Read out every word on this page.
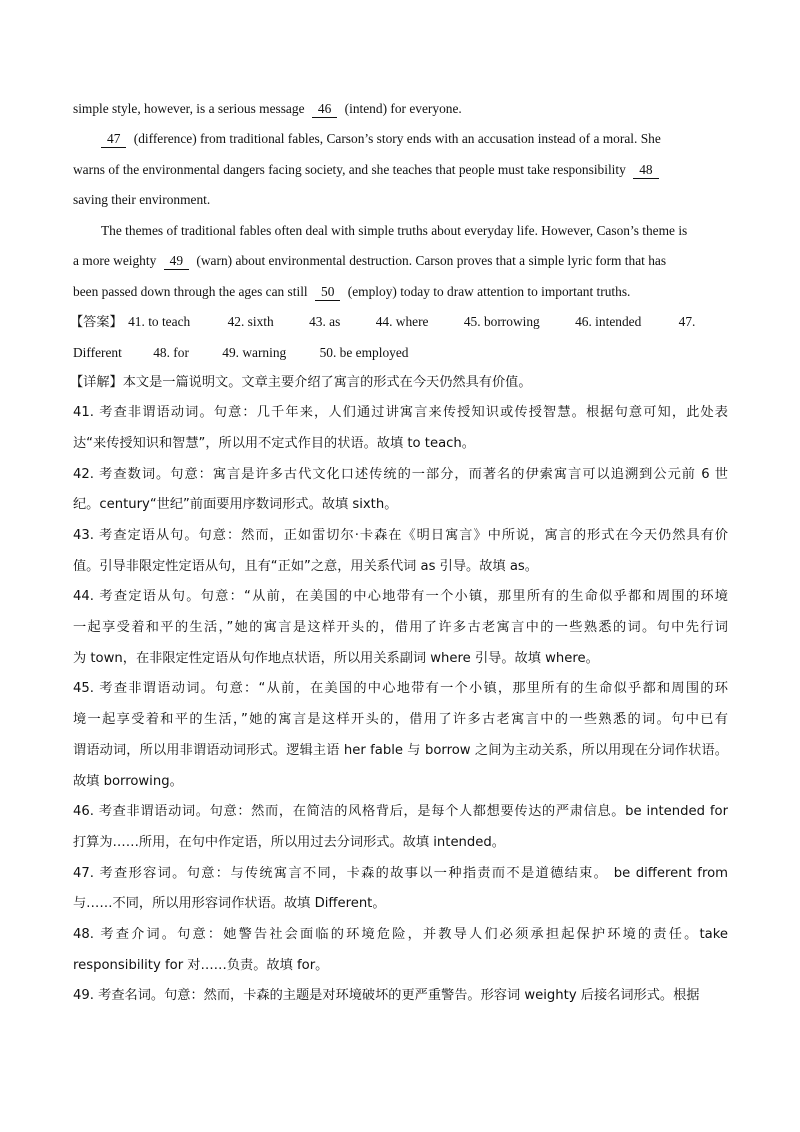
simple style, however, is a serious message 46 (intend) for everyone.
47 (difference) from traditional fables, Carson’s story ends with an accusation instead of a moral. She
warns of the environmental dangers facing society, and she teaches that people must take responsibility 48
saving their environment.
The themes of traditional fables often deal with simple truths about everyday life. However, Cason’s theme is
a more weighty 49 (warn) about environmental destruction. Carson proves that a simple lyric form that has
been passed down through the ages can still 50 (employ) today to draw attention to important truths.
【答案】 41. to teach	42. sixth	43. as	44. where	45. borrowing	46. intended	47.
Different 48. for 49. warning 50. be employed
【详解】本文是一篇说明文。文章主要介绍了寓言的形式在今天仍然具有价值。
41. 考查非谓语动词。句意：几千年来，人们通过讲寓言来传授知识或传授智慧。根据句意可知，此处表
达“来传授知识和智慧”，所以用不定式作目的状语。故填 to teach。
42. 考查数词。句意：寓言是许多古代文化口述传统的一部分，而著名的伊索寓言可以追溯到公元前 6 世
纪。century“世纪”前面要用序数词形式。故填 sixth。
43. 考查定语从句。句意：然而，正如雷切尔·卡森在《明日寓言》中所说，寓言的形式在今天仍然具有价
值。引导非限定性定语从句，且有“正如”之意，用关系代词 as 引导。故填 as。
44. 考查定语从句。句意：“从前，在美国的中心地带有一个小镇，那里所有的生命似乎都和周围的环境
一起享受着和平的生活，”她的寓言是这样开头的，借用了许多古老寓言中的一些熟悉的词。句中先行词
为 town，在非限定性定语从句作地点状语，所以用关系副词 where 引导。故填 where。
45. 考查非谓语动词。句意：“从前，在美国的中心地带有一个小镇，那里所有的生命似乎都和周围的环
境一起享受着和平的生活，”她的寓言是这样开头的，借用了许多古老寓言中的一些熟悉的词。句中已有
谓语动词，所以用非谓语动词形式。逻辑主语 her fable 与 borrow 之间为主动关系，所以用现在分词作状语。
故填 borrowing。
46. 考查非谓语动词。句意：然而，在简洁的风格背后，是每个人都想要传达的严肃信息。be intended for
打算为……所用，在句中作定语，所以用过去分词形式。故填 intended。
47. 考查形容词。句意：与传统寓言不同，卡森的故事以一种指责而不是道德结束。 be different from
与……不同，所以用形容词作状语。故填 Different。
48. 考查介词。句意：她警告社会面临的环境危险，并教导人们必须承担起保护环境的责任。take
responsibility for 对……负责。故填 for。
49. 考查名词。句意：然而，卡森的主题是对环境破坏的更严重警告。形容词 weighty 后接名词形式。根据
